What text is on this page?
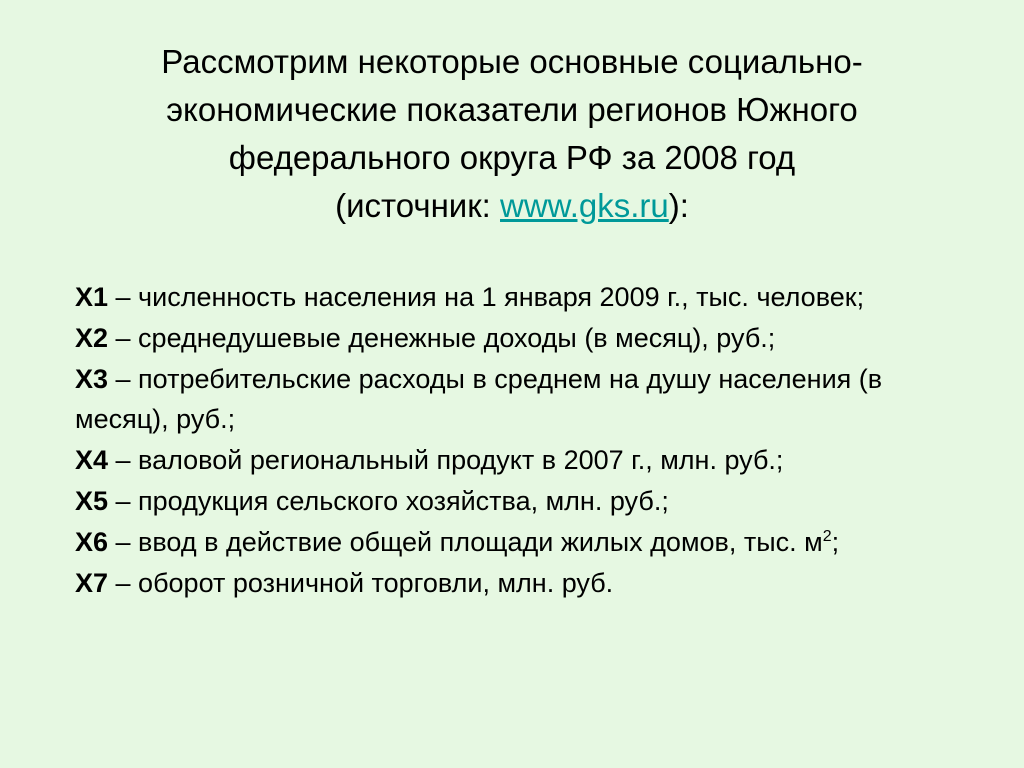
Рассмотрим некоторые основные социально-
экономические показатели регионов Южного
федерального округа РФ за 2008 год
(источник: www.gks.ru):

X1 – численность населения на 1 января 2009 г., тыс. человек;

X2 – среднедушевые денежные доходы (в месяц), руб.;

X3 – потребительские расходы в среднем на душу населения (в месяц), руб.;

X4 – валовой региональный продукт в 2007 г., млн. руб.;

X5 – продукция сельского хозяйства, млн. руб.;

X6 – ввод в действие общей площади жилых домов, тыс. $м^2$;

X7 – оборот розничной торговли, млн. руб.
